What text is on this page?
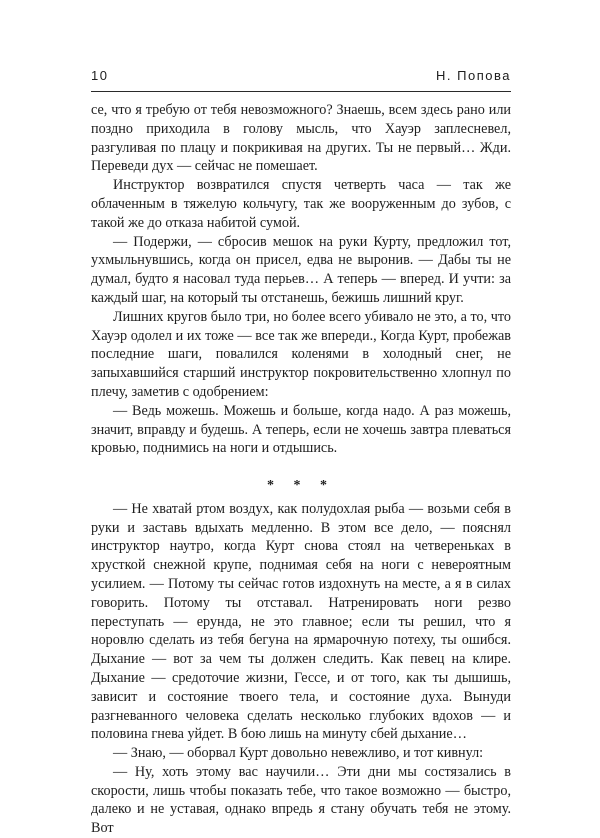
10	Н. Попова

се, что я требую от тебя невозможного? Знаешь, всем здесь рано или поздно приходила в голову мысль, что Хауэр заплесневел, разгуливая по плацу и покрикивая на других. Ты не первый… Жди. Переведи дух — сейчас не помешает.

Инструктор возвратился спустя четверть часа — так же облаченным в тяжелую кольчугу, так же вооруженным до зубов, с такой же до отказа набитой сумой.

— Подержи, — сбросив мешок на руки Курту, предложил тот, ухмыльнувшись, когда он присел, едва не выронив. — Дабы ты не думал, будто я насовал туда перьев… А теперь — вперед. И учти: за каждый шаг, на который ты отстанешь, бежишь лишний круг.

Лишних кругов было три, но более всего убивало не это, а то, что Хауэр одолел и их тоже — все так же впереди., Когда Курт, пробежав последние шаги, повалился коленями в холодный снег, не запыхавшийся старший инструктор покровительственно хлопнул по плечу, заметив с одобрением:

— Ведь можешь. Можешь и больше, когда надо. А раз можешь, значит, вправду и будешь. А теперь, если не хочешь завтра плеваться кровью, поднимись на ноги и отдышись.

* * *

— Не хватай ртом воздух, как полудохлая рыба — возьми себя в руки и заставь вдыхать медленно. В этом все дело, — пояснял инструктор наутро, когда Курт снова стоял на четвереньках в хрусткой снежной крупе, поднимая себя на ноги с невероятным усилием. — Потому ты сейчас готов издохнуть на месте, а я в силах говорить. Потому ты отставал. Натренировать ноги резво переступать — ерунда, не это главное; если ты решил, что я норовлю сделать из тебя бегуна на ярмарочную потеху, ты ошибся. Дыхание — вот за чем ты должен следить. Как певец на клире. Дыхание — средоточие жизни, Гессе, и от того, как ты дышишь, зависит и состояние твоего тела, и состояние духа. Вынуди разгневанного человека сделать несколько глубоких вдохов — и половина гнева уйдет. В бою лишь на минуту сбей дыхание…

— Знаю, — оборвал Курт довольно невежливо, и тот кивнул:

— Ну, хоть этому вас научили… Эти дни мы состязались в скорости, лишь чтобы показать тебе, что такое возможно — быстро, далеко и не уставая, однако впредь я стану обучать тебя не этому. Вот
